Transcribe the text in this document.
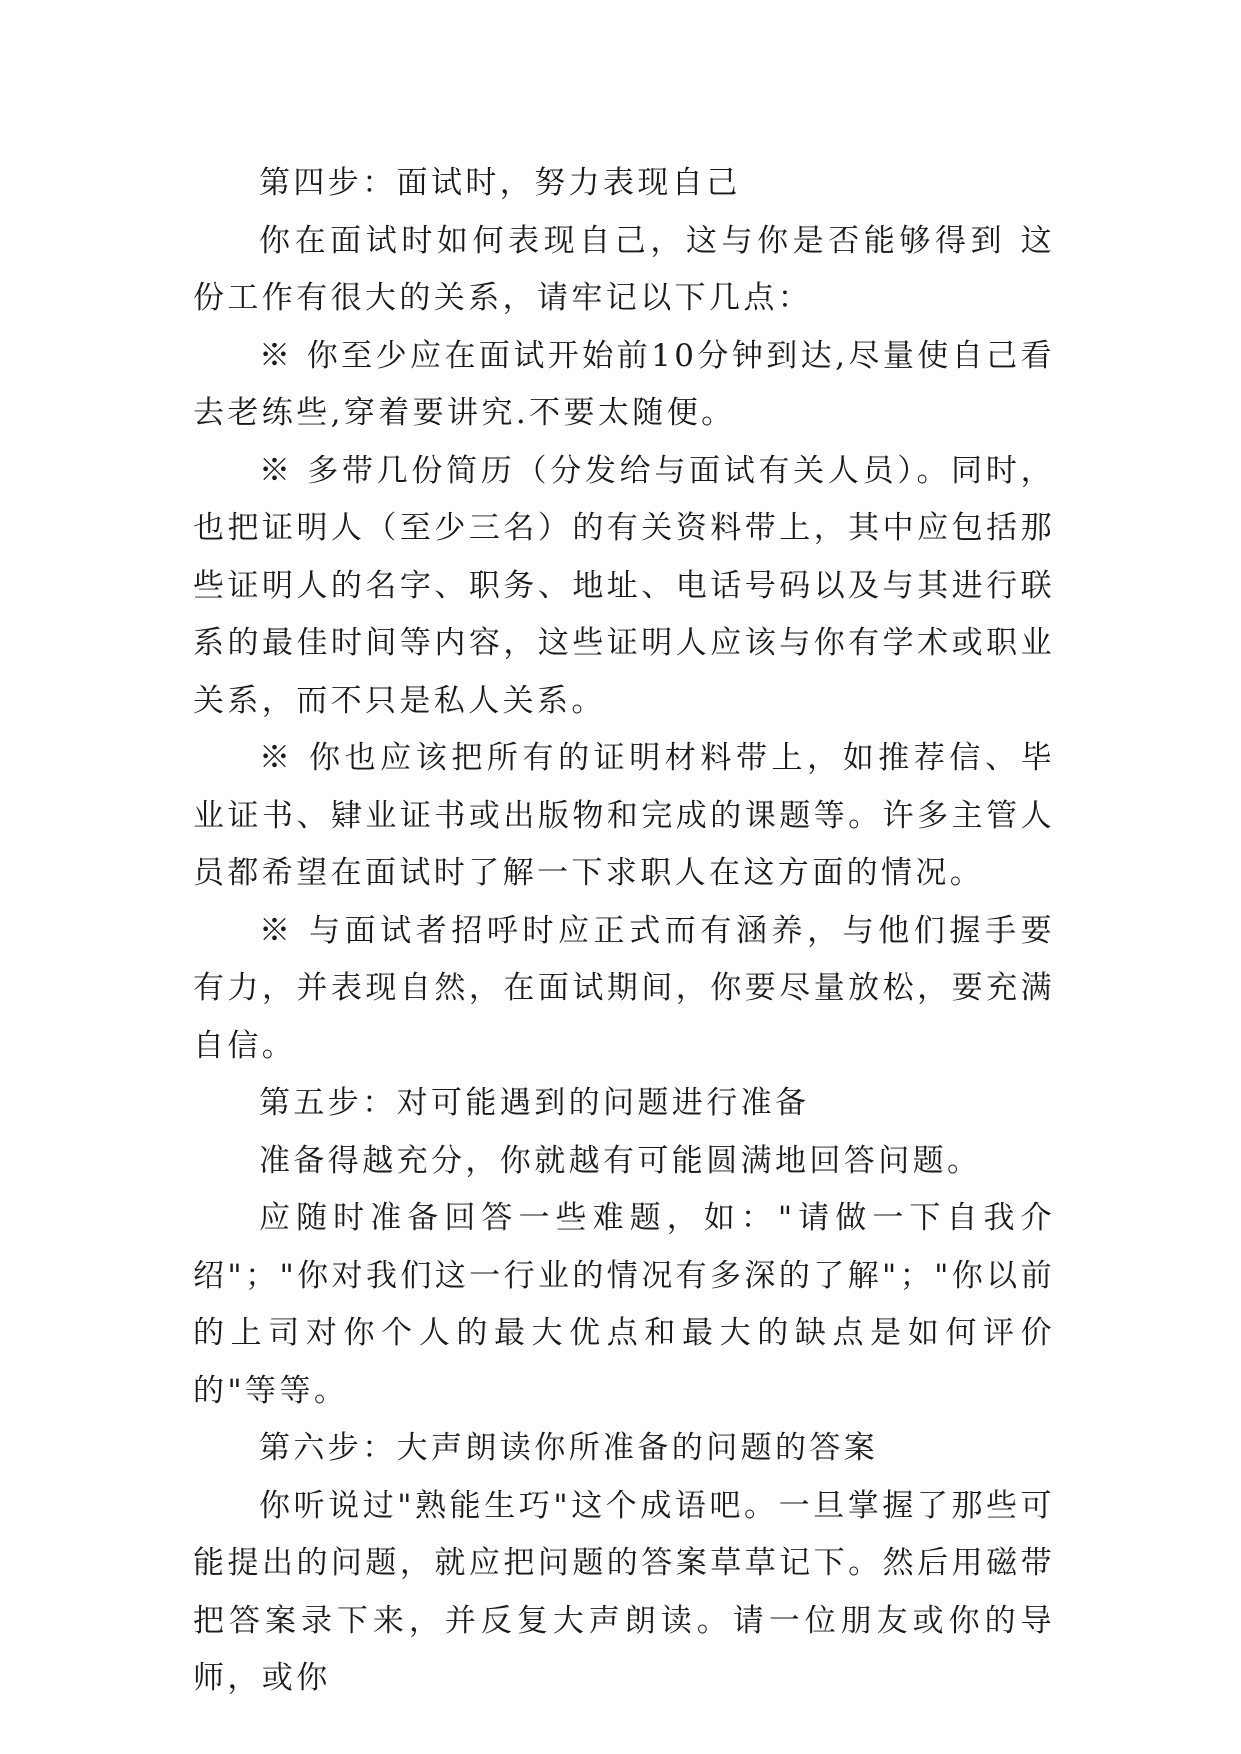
第四步：面试时，努力表现自己

你在面试时如何表现自己，这与你是否能够得到 这份工作有很大的关系，请牢记以下几点：

※ 你至少应在面试开始前10分钟到达,尽量使自己看去老练些,穿着要讲究.不要太随便。

※ 多带几份简历（分发给与面试有关人员）。同时，也把证明人（至少三名）的有关资料带上，其中应包括那些证明人的名字、职务、地址、电话号码以及与其进行联系的最佳时间等内容，这些证明人应该与你有学术或职业关系，而不只是私人关系。

※ 你也应该把所有的证明材料带上，如推荐信、毕业证书、肄业证书或出版物和完成的课题等。许多主管人员都希望在面试时了解一下求职人在这方面的情况。

※ 与面试者招呼时应正式而有涵养，与他们握手要有力，并表现自然，在面试期间，你要尽量放松，要充满自信。

第五步：对可能遇到的问题进行准备

准备得越充分，你就越有可能圆满地回答问题。

应随时准备回答一些难题，如："请做一下自我介绍"；"你对我们这一行业的情况有多深的了解"；"你以前的上司对你个人的最大优点和最大的缺点是如何评价的"等等。

第六步：大声朗读你所准备的问题的答案

你听说过"熟能生巧"这个成语吧。一旦掌握了那些可能提出的问题，就应把问题的答案草草记下。然后用磁带把答案录下来，并反复大声朗读。请一位朋友或你的导师，或你
